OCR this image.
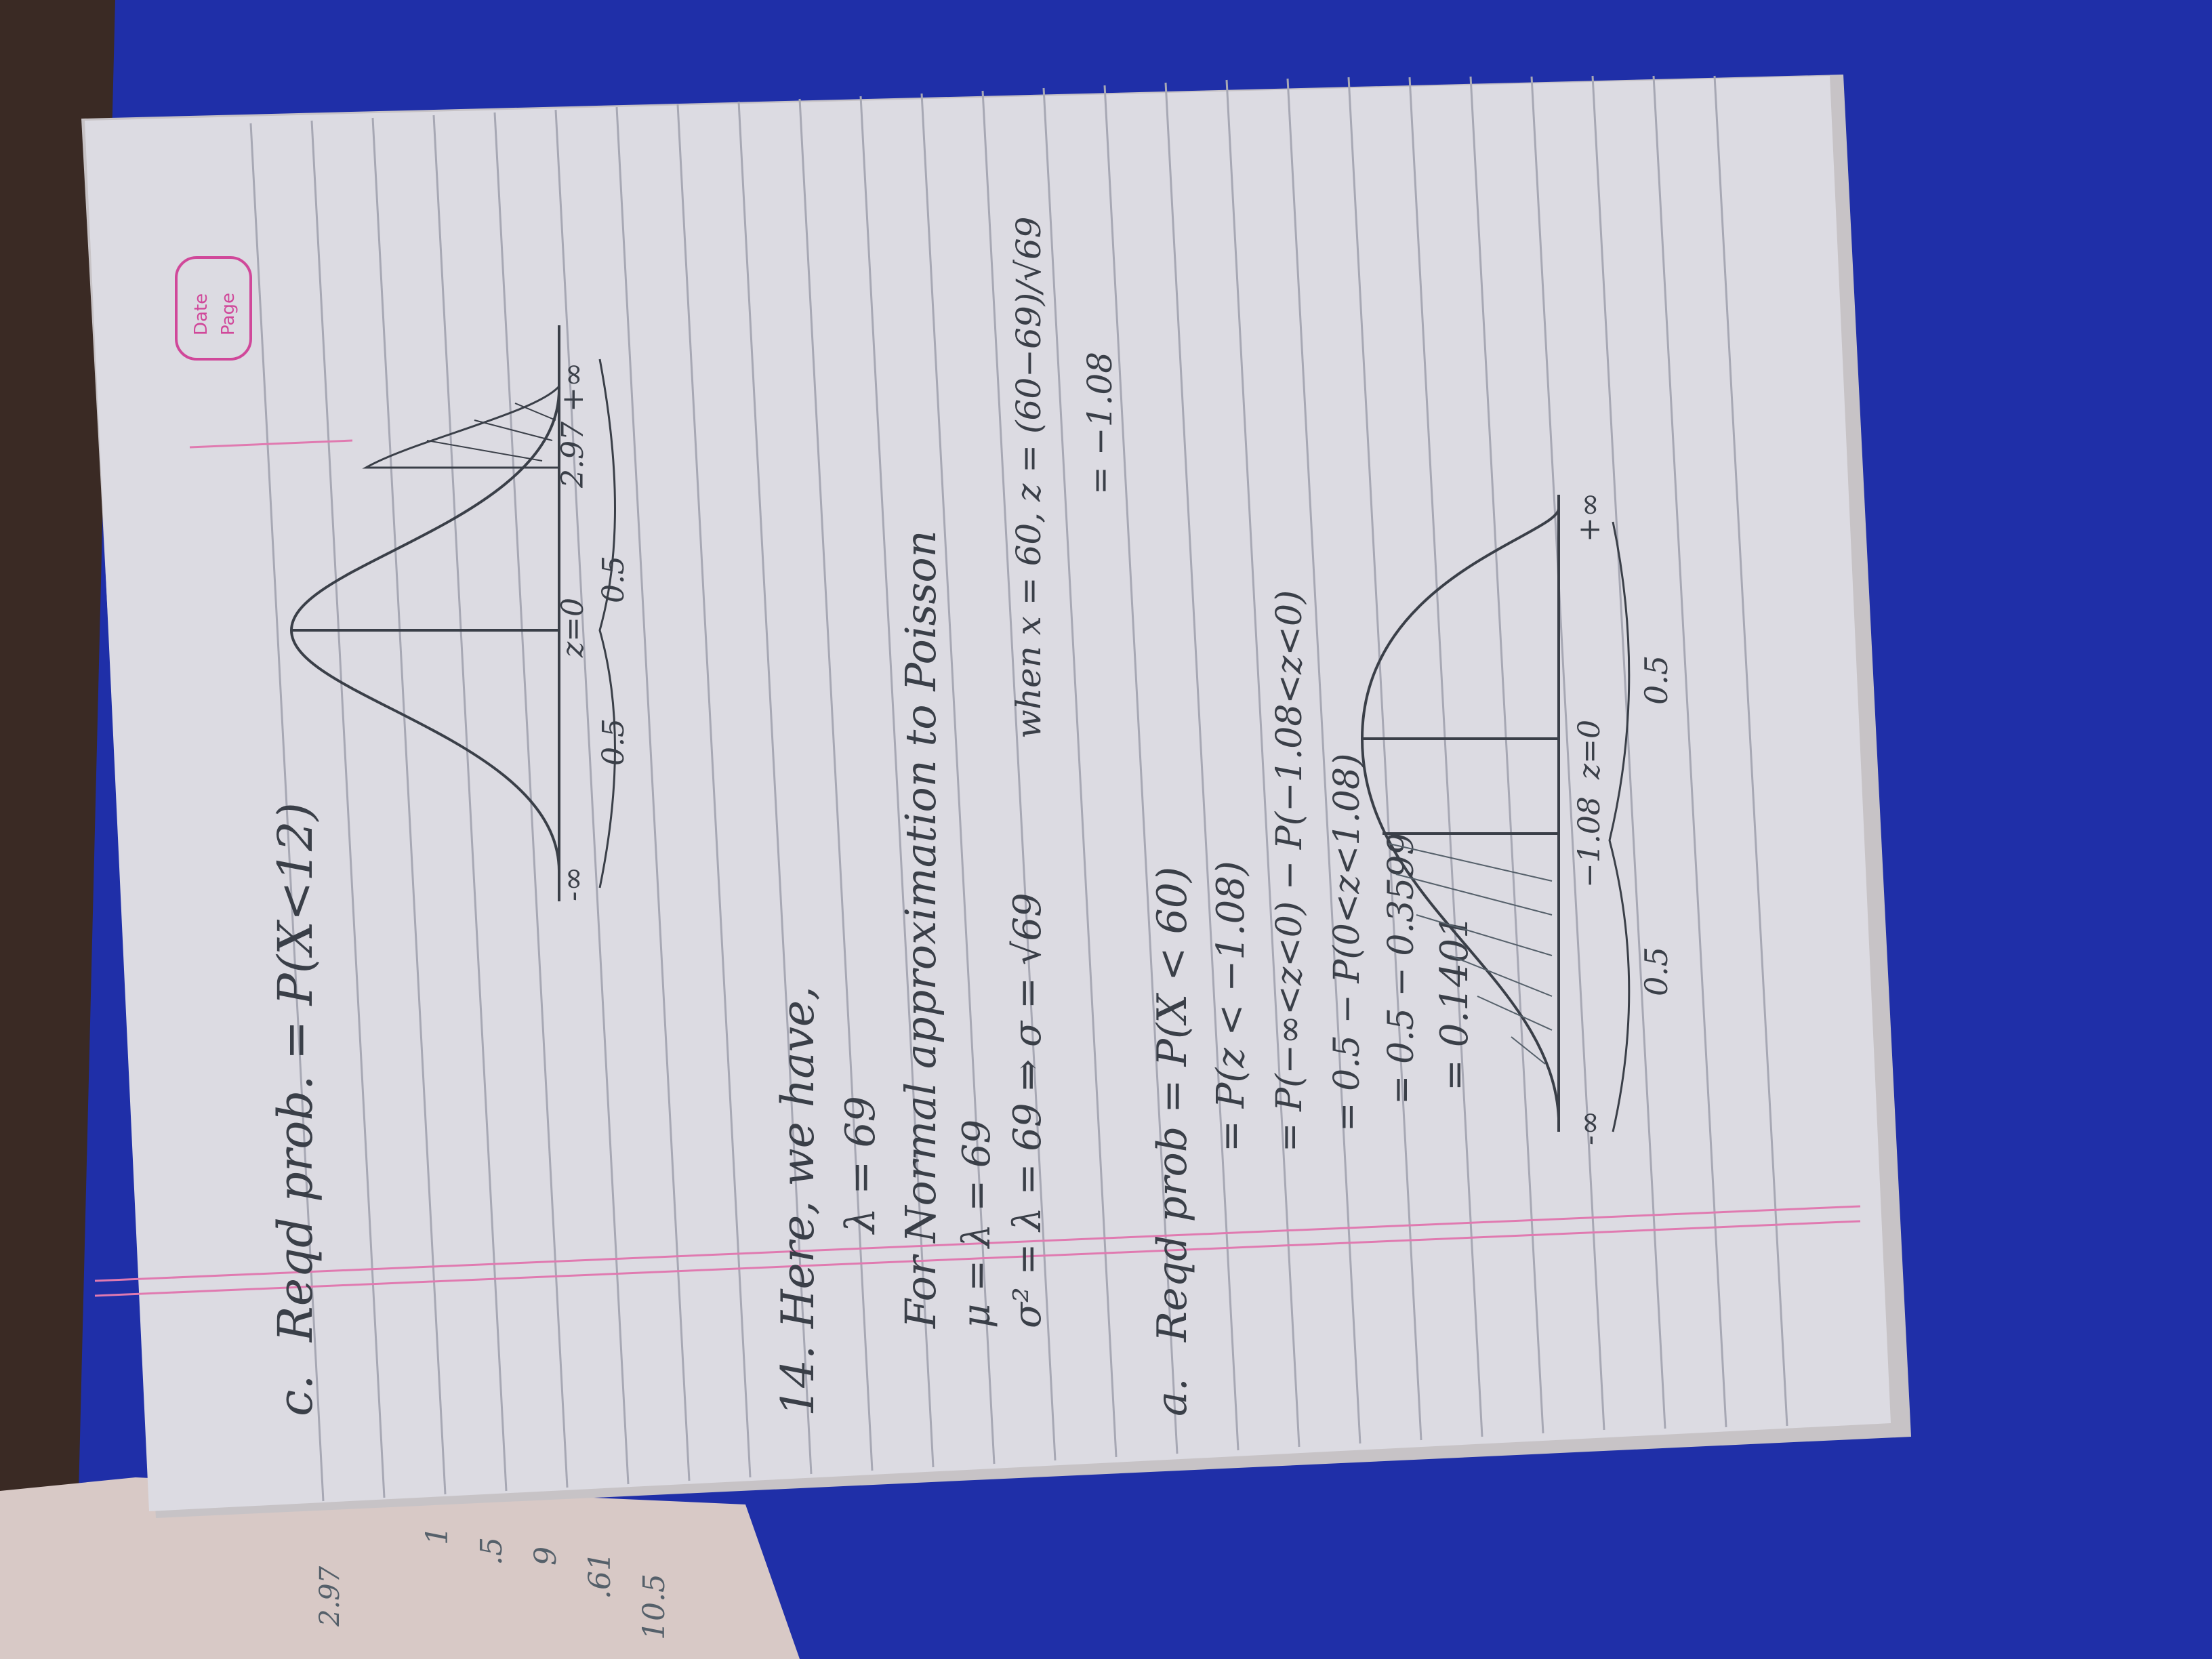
Date Page
c.
Reqd prob. = P(X<12)	-∞
z=0
2.97 +∞
0.5
0.5
14.
Here, we have, λ = 69 For Normal approximation to Poisson μ = λ = 69 σ² = λ = 69 ⇒ σ = √69
when x = 60, z = (60−69)/√69 = −1.08
a.
Reqd prob = P(X < 60) = P(z < −1.08) = P(−∞<z<0) − P(−1.08<z<0) = 0.5 − P(0<z<1.08) = 0.5 − 0.3599 = 0.1401
-∞
−1.08
z=0
+∞
0.5
0.5
10.5
.61
9
.5
1
2.97
